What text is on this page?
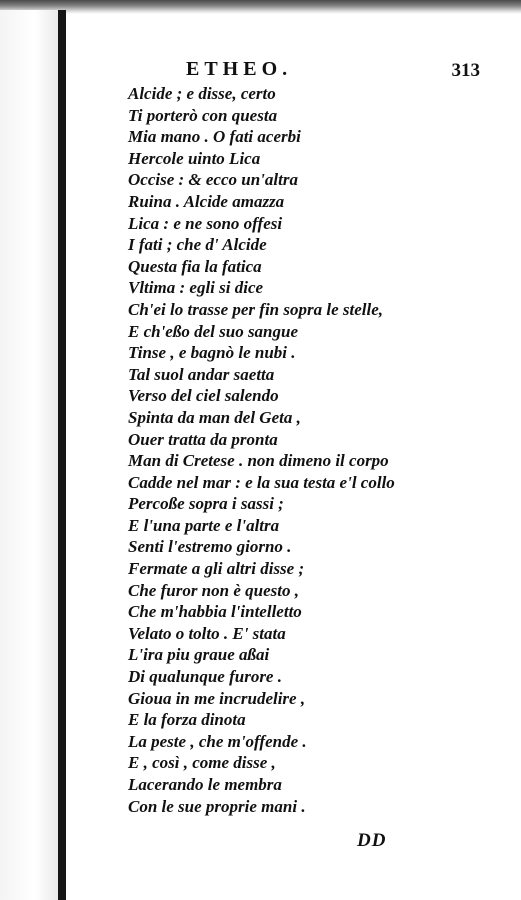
ETHEO.	313
Alcide ; e disse, certo
Ti porterò con questa
Mia mano . O fati acerbi
Hercole uinto Lica
Occise : & ecco un'altra
Ruina . Alcide amazza
Lica : e ne sono offesi
I fati ; che d' Alcide
Questa fia la fatica
Vltima : egli si dice
Ch'ei lo trasse per fin sopra le stelle,
E ch'eßo del suo sangue
Tinse , e bagnò le nubi .
Tal suol andar saetta
Verso del ciel salendo
Spinta da man del Geta ,
Ouer tratta da pronta
Man di Cretese . non dimeno il corpo
Cadde nel mar : e la sua testa e'l collo
Percoße sopra i sassi ;
E l'una parte e l'altra
Senti l'estremo giorno .
Fermate a gli altri disse ;
Che furor non è questo ,
Che m'habbia l'intelletto
Velato o tolto . E' stata
L'ira piu graue aßai
Di qualunque furore .
Gioua in me incrudelire ,
E la forza dinota
La peste , che m'offende .
E , così , come disse ,
Lacerando le membra
Con le sue proprie mani .
DD
